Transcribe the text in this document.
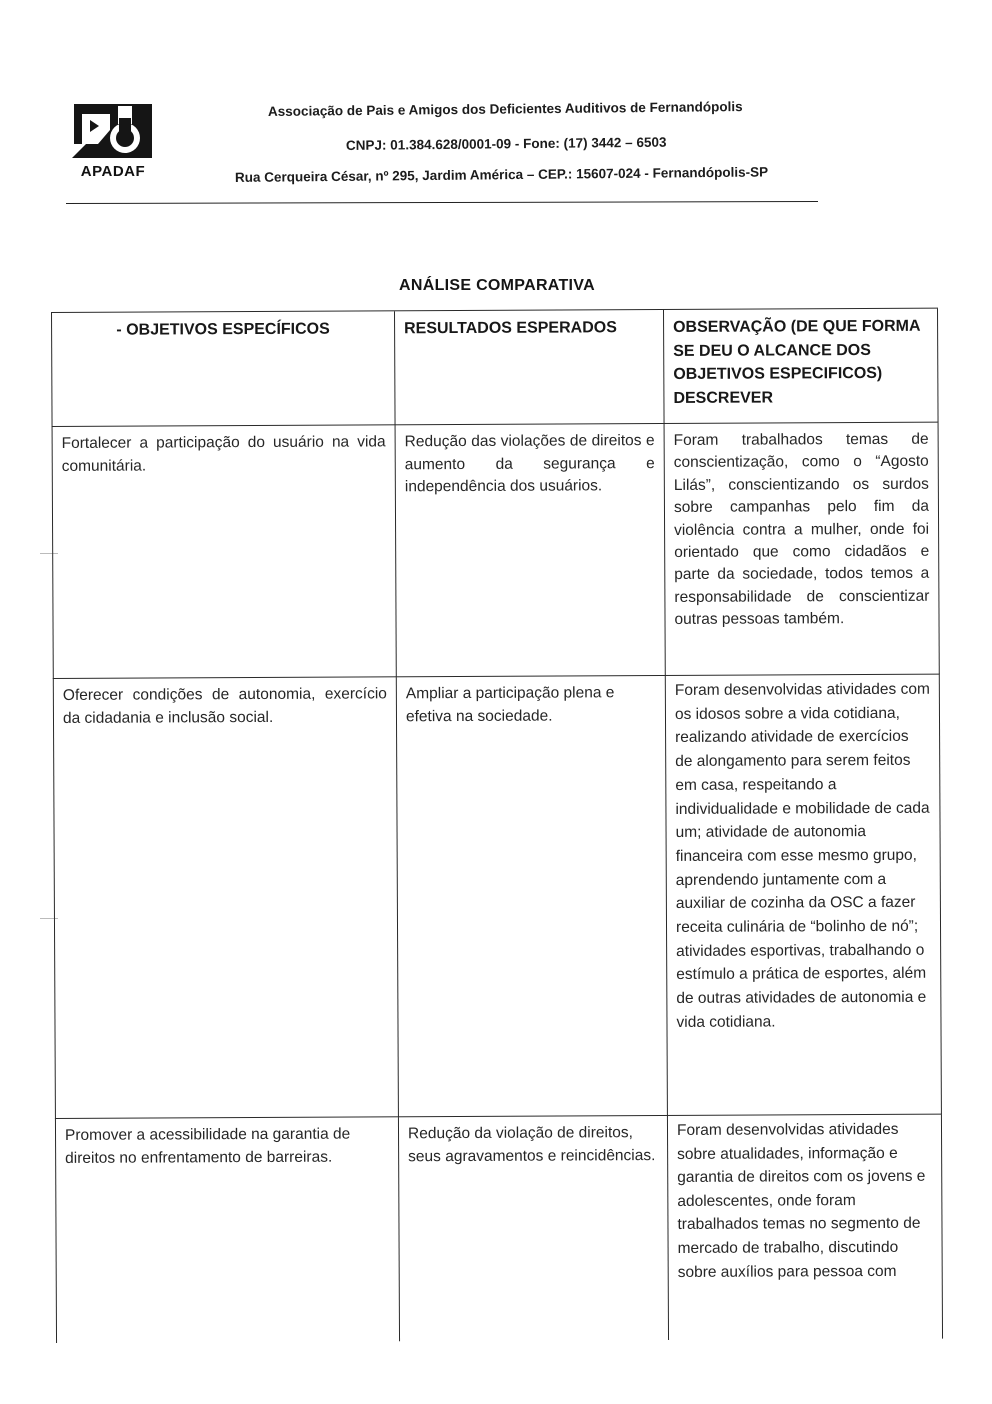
APADAF
Associação de Pais e Amigos dos Deficientes Auditivos de Fernandópolis
CNPJ: 01.384.628/0001-09 - Fone: (17) 3442 – 6503
Rua Cerqueira César, nº 295, Jardim América – CEP.: 15607-024 - Fernandópolis-SP
ANÁLISE COMPARATIVA
- OBJETIVOS ESPECÍFICOS	RESULTADOS ESPERADOS	OBSERVAÇÃO (DE QUE FORMA SE DEU O ALCANCE DOS OBJETIVOS ESPECIFICOS) DESCREVER
Fortalecer a participação do usuário na vida comunitária.
Redução das violações de direitos e aumento da segurança e independência dos usuários.
Foram trabalhados temas de conscientização, como o “Agosto Lilás”, conscientizando os surdos sobre campanhas pelo fim da violência contra a mulher, onde foi orientado que como cidadãos e parte da sociedade, todos temos a responsabilidade de conscientizar outras pessoas também.
Oferecer condições de autonomia, exercício da cidadania e inclusão social.
Ampliar a participação plena e efetiva na sociedade.
Foram desenvolvidas atividades com os idosos sobre a vida cotidiana, realizando atividade de exercícios de alongamento para serem feitos em casa, respeitando a individualidade e mobilidade de cada um; atividade de autonomia financeira com esse mesmo grupo, aprendendo juntamente com a auxiliar de cozinha da OSC a fazer receita culinária de “bolinho de nó”; atividades esportivas, trabalhando o estímulo a prática de esportes, além de outras atividades de autonomia e vida cotidiana.
Promover a acessibilidade na garantia de direitos no enfrentamento de barreiras.
Redução da violação de direitos, seus agravamentos e reincidências.
Foram desenvolvidas atividades sobre atualidades, informação e garantia de direitos com os jovens e adolescentes, onde foram trabalhados temas no segmento de mercado de trabalho, discutindo sobre auxílios para pessoa com
